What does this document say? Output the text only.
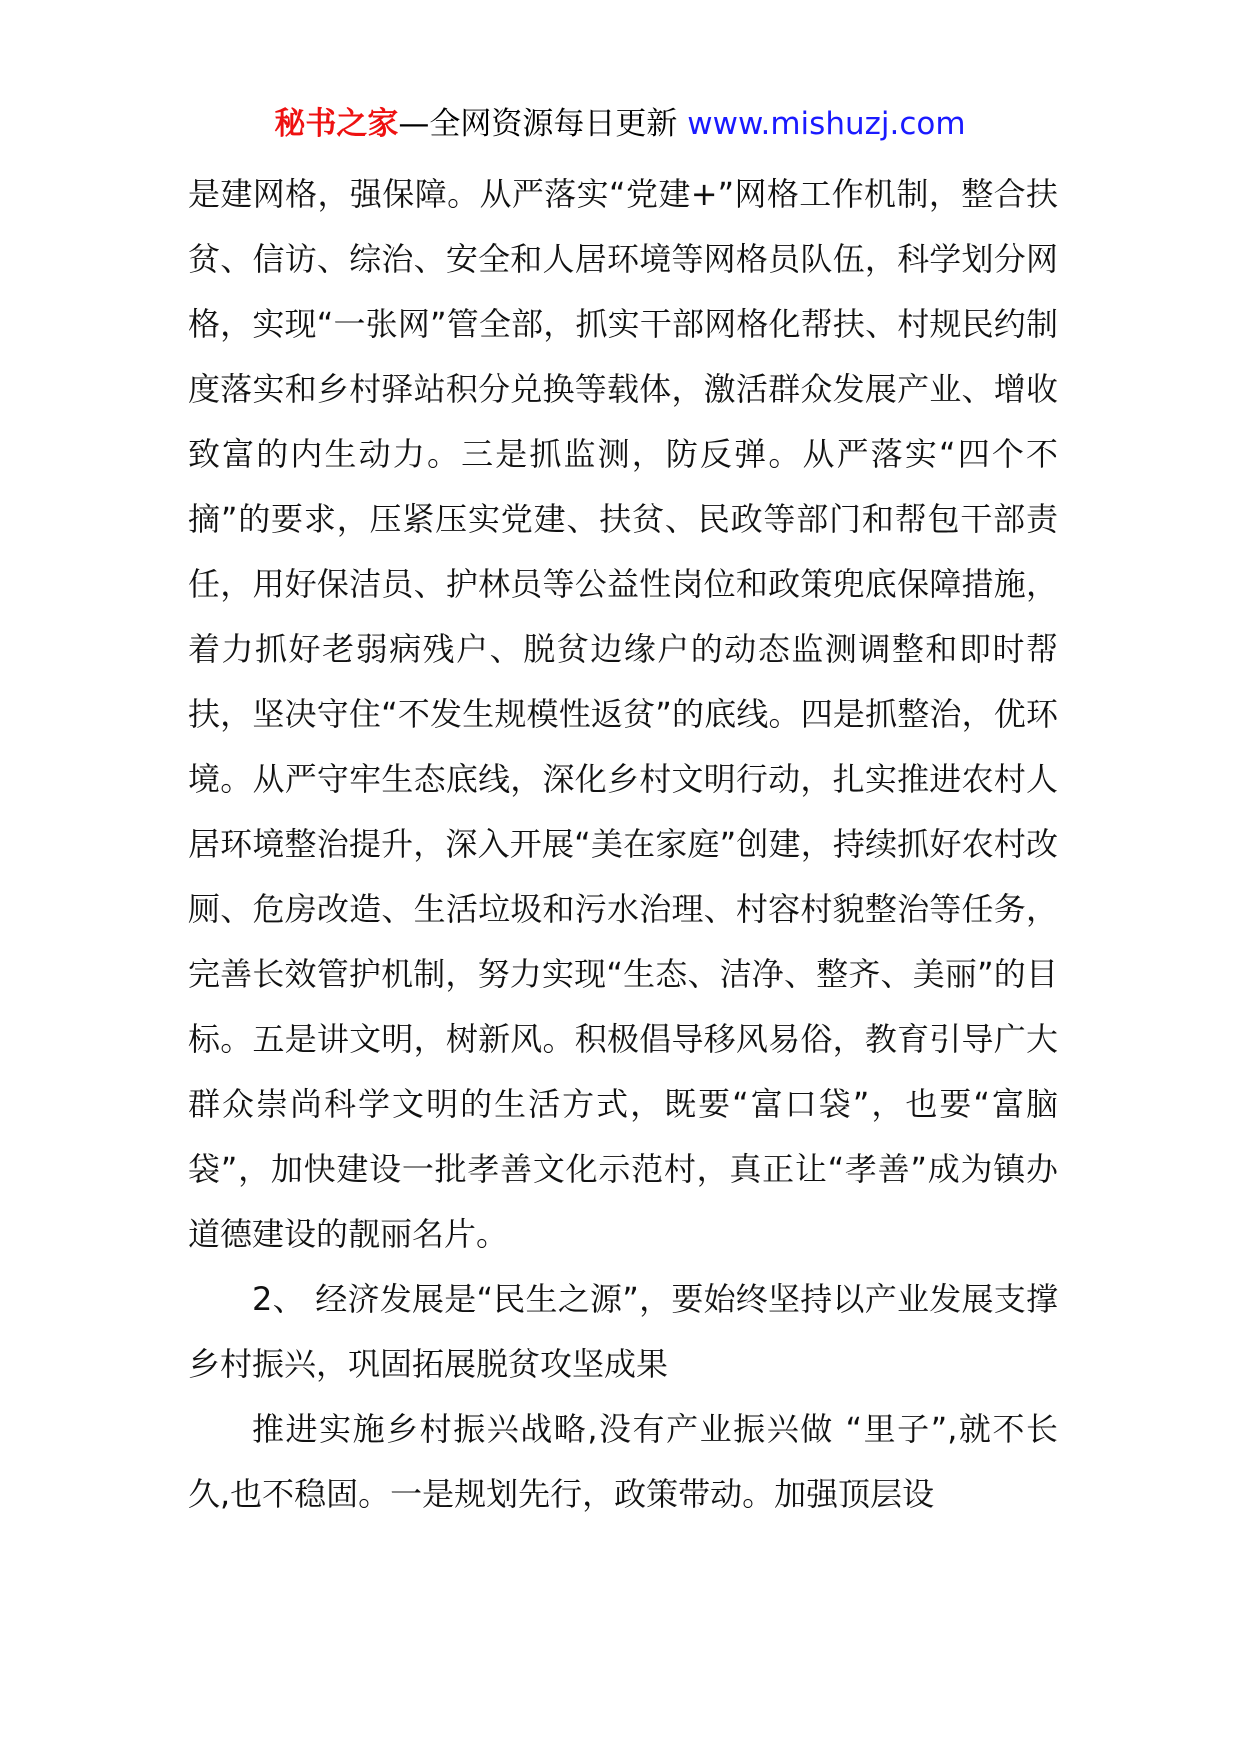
秘书之家—全网资源每日更新 www.mishuzj.com

是建网格，强保障。从严落实“党建+”网格工作机制，整合扶贫、信访、综治、安全和人居环境等网格员队伍，科学划分网格，实现“一张网”管全部，抓实干部网格化帮扶、村规民约制度落实和乡村驿站积分兑换等载体，激活群众发展产业、增收致富的内生动力。三是抓监测，防反弹。从严落实“四个不摘”的要求，压紧压实党建、扶贫、民政等部门和帮包干部责任，用好保洁员、护林员等公益性岗位和政策兜底保障措施，着力抓好老弱病残户、脱贫边缘户的动态监测调整和即时帮扶，坚决守住“不发生规模性返贫”的底线。四是抓整治，优环境。从严守牢生态底线，深化乡村文明行动，扎实推进农村人居环境整治提升，深入开展“美在家庭”创建，持续抓好农村改厕、危房改造、生活垃圾和污水治理、村容村貌整治等任务，完善长效管护机制，努力实现“生态、洁净、整齐、美丽”的目标。五是讲文明，树新风。积极倡导移风易俗，教育引导广大群众崇尚科学文明的生活方式，既要“富口袋”，也要“富脑袋”，加快建设一批孝善文化示范村，真正让“孝善”成为镇办道德建设的靓丽名片。

2、 经济发展是“民生之源”，要始终坚持以产业发展支撑乡村振兴，巩固拓展脱贫攻坚成果

推进实施乡村振兴战略,没有产业振兴做 “里子”,就不长久,也不稳固。一是规划先行，政策带动。加强顶层设
